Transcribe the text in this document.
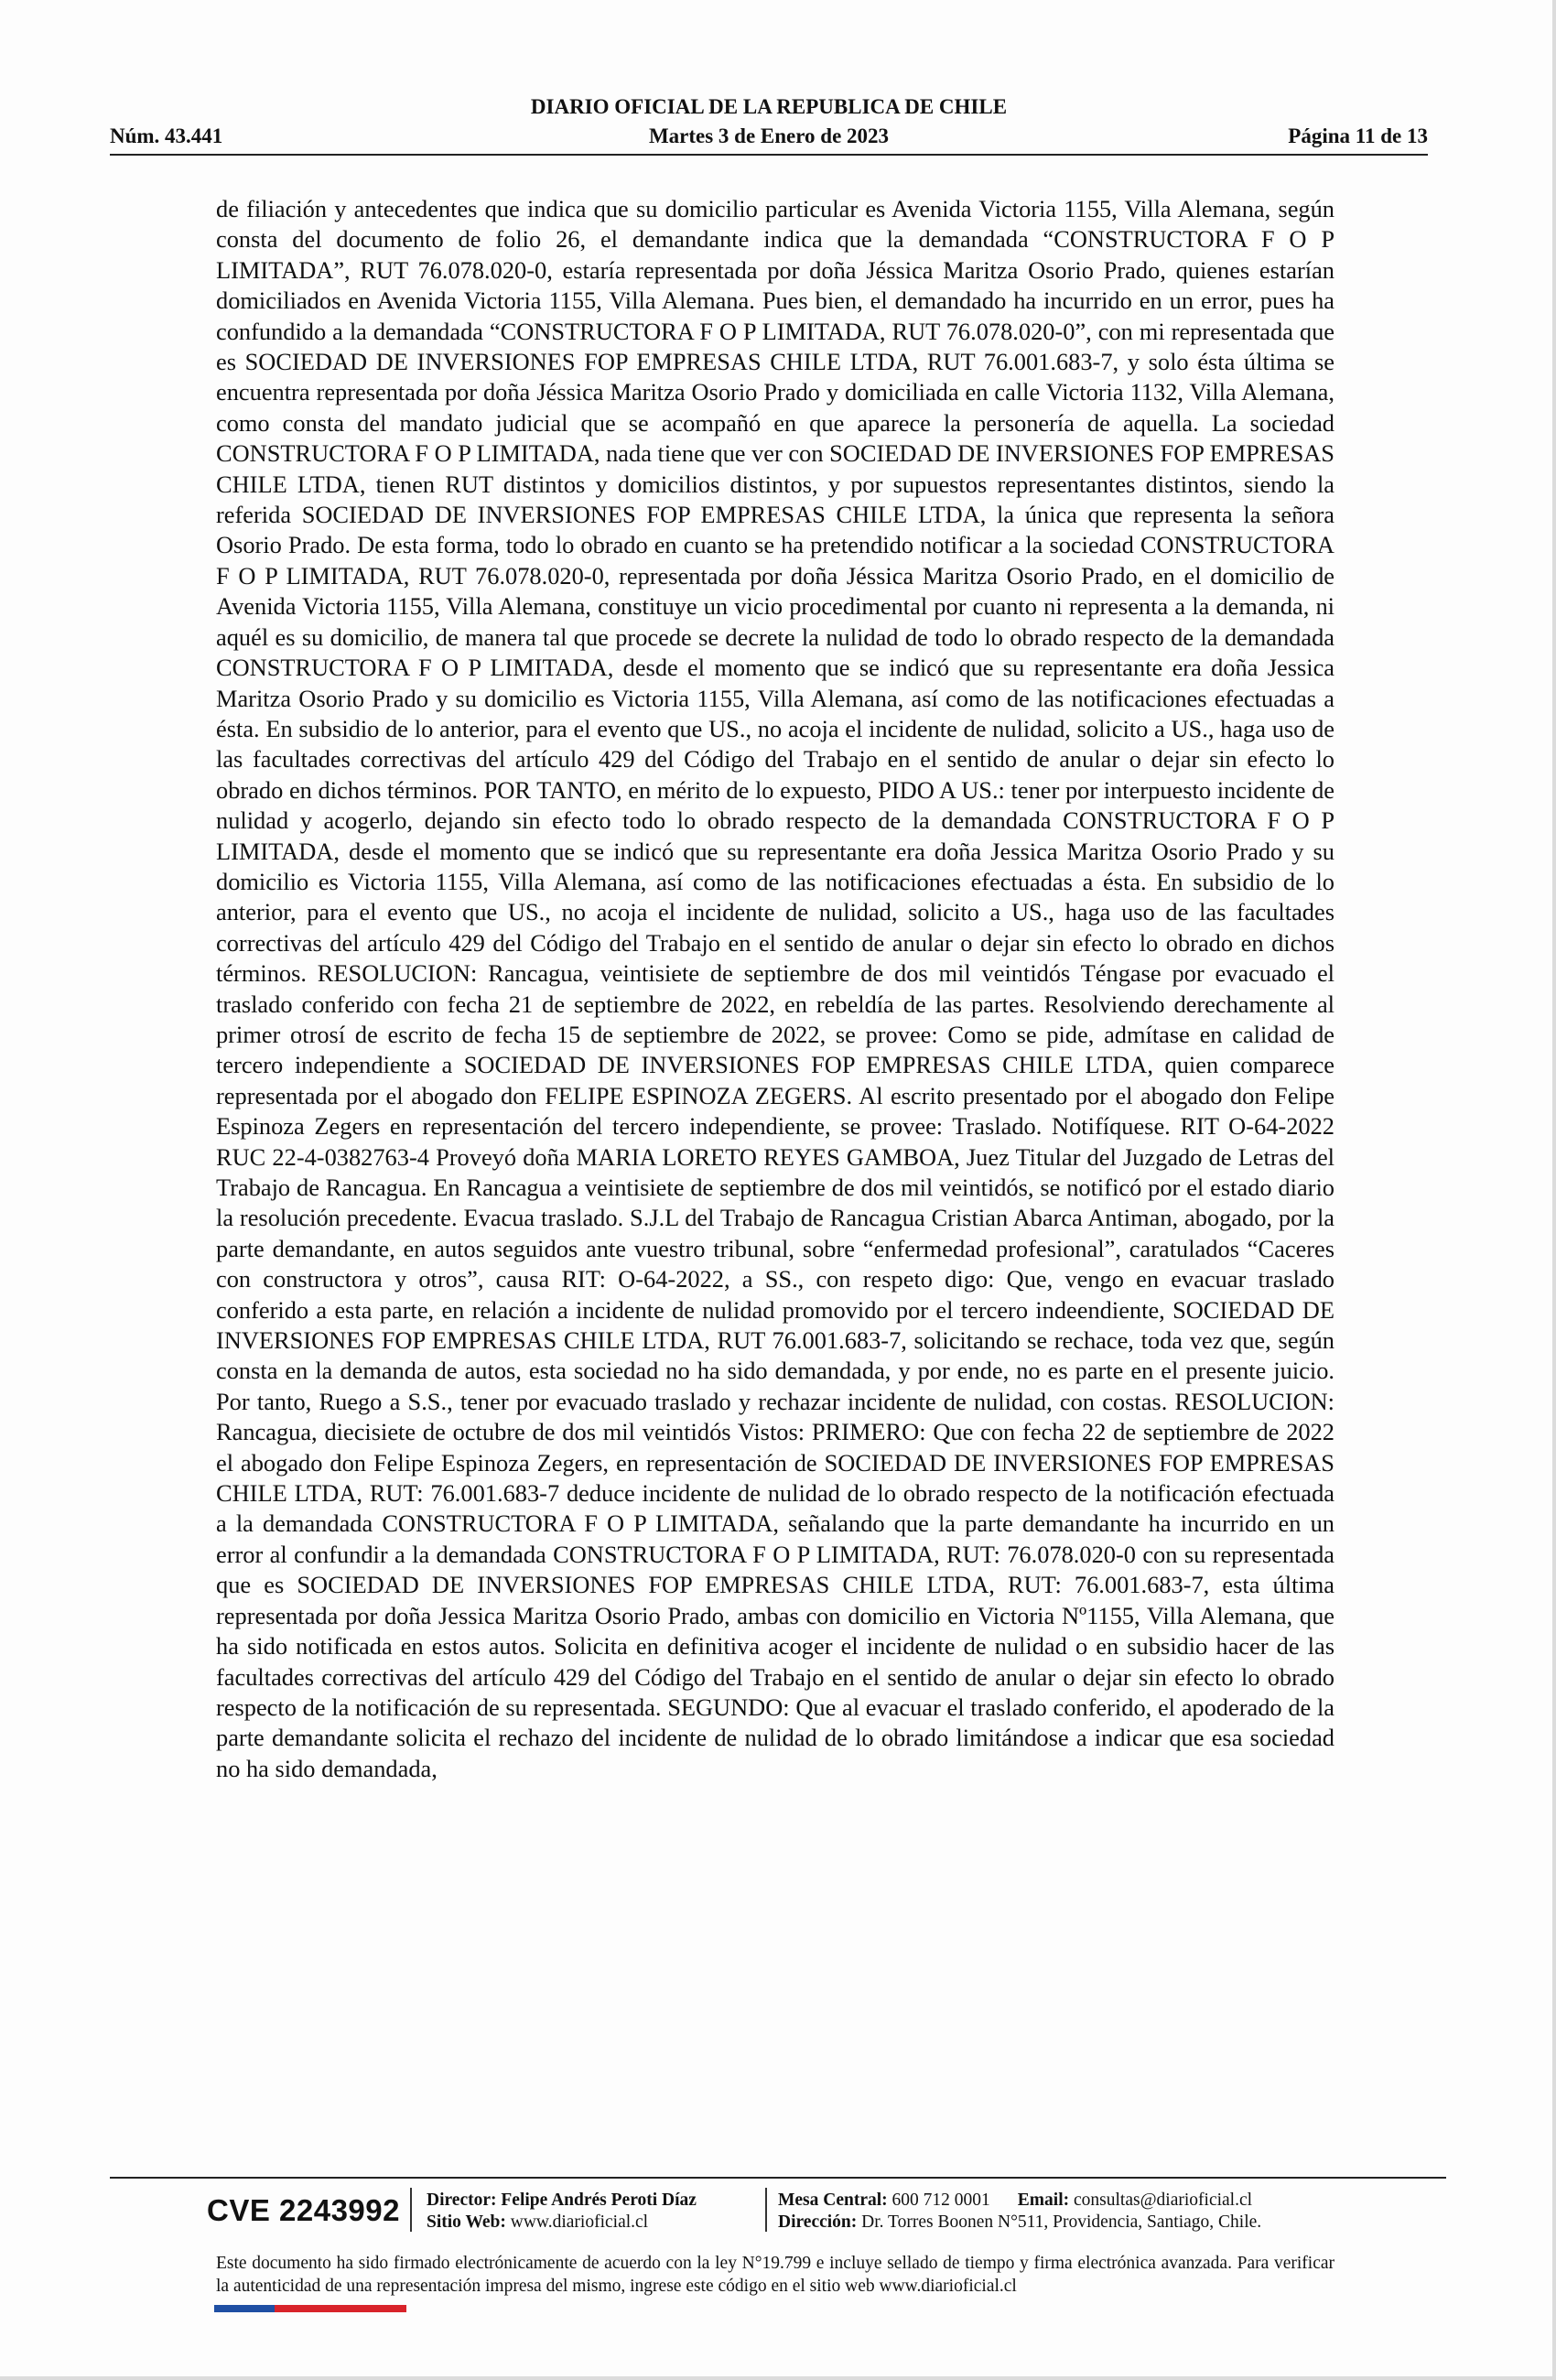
DIARIO OFICIAL DE LA REPUBLICA DE CHILE
Núm. 43.441	Martes 3 de Enero de 2023	Página 11 de 13

de filiación y antecedentes que indica que su domicilio particular es Avenida Victoria 1155, Villa Alemana, según consta del documento de folio 26, el demandante indica que la demandada “CONSTRUCTORA F O P LIMITADA”, RUT 76.078.020-0, estaría representada por doña Jéssica Maritza Osorio Prado, quienes estarían domiciliados en Avenida Victoria 1155, Villa Alemana. Pues bien, el demandado ha incurrido en un error, pues ha confundido a la demandada “CONSTRUCTORA F O P LIMITADA, RUT 76.078.020-0”, con mi representada que es SOCIEDAD DE INVERSIONES FOP EMPRESAS CHILE LTDA, RUT 76.001.683-7, y solo ésta última se encuentra representada por doña Jéssica Maritza Osorio Prado y domiciliada en calle Victoria 1132, Villa Alemana, como consta del mandato judicial que se acompañó en que aparece la personería de aquella. La sociedad CONSTRUCTORA F O P LIMITADA, nada tiene que ver con SOCIEDAD DE INVERSIONES FOP EMPRESAS CHILE LTDA, tienen RUT distintos y domicilios distintos, y por supuestos representantes distintos, siendo la referida SOCIEDAD DE INVERSIONES FOP EMPRESAS CHILE LTDA, la única que representa la señora Osorio Prado. De esta forma, todo lo obrado en cuanto se ha pretendido notificar a la sociedad CONSTRUCTORA F O P LIMITADA, RUT 76.078.020-0, representada por doña Jéssica Maritza Osorio Prado, en el domicilio de Avenida Victoria 1155, Villa Alemana, constituye un vicio procedimental por cuanto ni representa a la demanda, ni aquél es su domicilio, de manera tal que procede se decrete la nulidad de todo lo obrado respecto de la demandada CONSTRUCTORA F O P LIMITADA, desde el momento que se indicó que su representante era doña Jessica Maritza Osorio Prado y su domicilio es Victoria 1155, Villa Alemana, así como de las notificaciones efectuadas a ésta. En subsidio de lo anterior, para el evento que US., no acoja el incidente de nulidad, solicito a US., haga uso de las facultades correctivas del artículo 429 del Código del Trabajo en el sentido de anular o dejar sin efecto lo obrado en dichos términos. POR TANTO, en mérito de lo expuesto, PIDO A US.: tener por interpuesto incidente de nulidad y acogerlo, dejando sin efecto todo lo obrado respecto de la demandada CONSTRUCTORA F O P LIMITADA, desde el momento que se indicó que su representante era doña Jessica Maritza Osorio Prado y su domicilio es Victoria 1155, Villa Alemana, así como de las notificaciones efectuadas a ésta. En subsidio de lo anterior, para el evento que US., no acoja el incidente de nulidad, solicito a US., haga uso de las facultades correctivas del artículo 429 del Código del Trabajo en el sentido de anular o dejar sin efecto lo obrado en dichos términos. RESOLUCION: Rancagua, veintisiete de septiembre de dos mil veintidós Téngase por evacuado el traslado conferido con fecha 21 de septiembre de 2022, en rebeldía de las partes. Resolviendo derechamente al primer otrosí de escrito de fecha 15 de septiembre de 2022, se provee: Como se pide, admítase en calidad de tercero independiente a SOCIEDAD DE INVERSIONES FOP EMPRESAS CHILE LTDA, quien comparece representada por el abogado don FELIPE ESPINOZA ZEGERS. Al escrito presentado por el abogado don Felipe Espinoza Zegers en representación del tercero independiente, se provee: Traslado. Notifíquese. RIT O-64-2022 RUC 22-4-0382763-4 Proveyó doña MARIA LORETO REYES GAMBOA, Juez Titular del Juzgado de Letras del Trabajo de Rancagua. En Rancagua a veintisiete de septiembre de dos mil veintidós, se notificó por el estado diario la resolución precedente. Evacua traslado. S.J.L del Trabajo de Rancagua Cristian Abarca Antiman, abogado, por la parte demandante, en autos seguidos ante vuestro tribunal, sobre “enfermedad profesional”, caratulados “Caceres con constructora y otros”, causa RIT: O-64-2022, a SS., con respeto digo: Que, vengo en evacuar traslado conferido a esta parte, en relación a incidente de nulidad promovido por el tercero indeendiente, SOCIEDAD DE INVERSIONES FOP EMPRESAS CHILE LTDA, RUT 76.001.683-7, solicitando se rechace, toda vez que, según consta en la demanda de autos, esta sociedad no ha sido demandada, y por ende, no es parte en el presente juicio. Por tanto, Ruego a S.S., tener por evacuado traslado y rechazar incidente de nulidad, con costas. RESOLUCION: Rancagua, diecisiete de octubre de dos mil veintidós Vistos: PRIMERO: Que con fecha 22 de septiembre de 2022 el abogado don Felipe Espinoza Zegers, en representación de SOCIEDAD DE INVERSIONES FOP EMPRESAS CHILE LTDA, RUT: 76.001.683-7 deduce incidente de nulidad de lo obrado respecto de la notificación efectuada a la demandada CONSTRUCTORA F O P LIMITADA, señalando que la parte demandante ha incurrido en un error al confundir a la demandada CONSTRUCTORA F O P LIMITADA, RUT: 76.078.020-0 con su representada que es SOCIEDAD DE INVERSIONES FOP EMPRESAS CHILE LTDA, RUT: 76.001.683-7, esta última representada por doña Jessica Maritza Osorio Prado, ambas con domicilio en Victoria Nº1155, Villa Alemana, que ha sido notificada en estos autos. Solicita en definitiva acoger el incidente de nulidad o en subsidio hacer de las facultades correctivas del artículo 429 del Código del Trabajo en el sentido de anular o dejar sin efecto lo obrado respecto de la notificación de su representada. SEGUNDO: Que al evacuar el traslado conferido, el apoderado de la parte demandante solicita el rechazo del incidente de nulidad de lo obrado limitándose a indicar que esa sociedad no ha sido demandada,

CVE 2243992 Director: Felipe Andrés Peroti Díaz
Sitio Web: www.diarioficial.cl
Mesa Central: 600 712 0001 Email: consultas@diarioficial.cl
Dirección: Dr. Torres Boonen N°511, Providencia, Santiago, Chile.

Este documento ha sido firmado electrónicamente de acuerdo con la ley N°19.799 e incluye sellado de tiempo y firma electrónica avanzada. Para verificar la autenticidad de una representación impresa del mismo, ingrese este código en el sitio web www.diarioficial.cl
